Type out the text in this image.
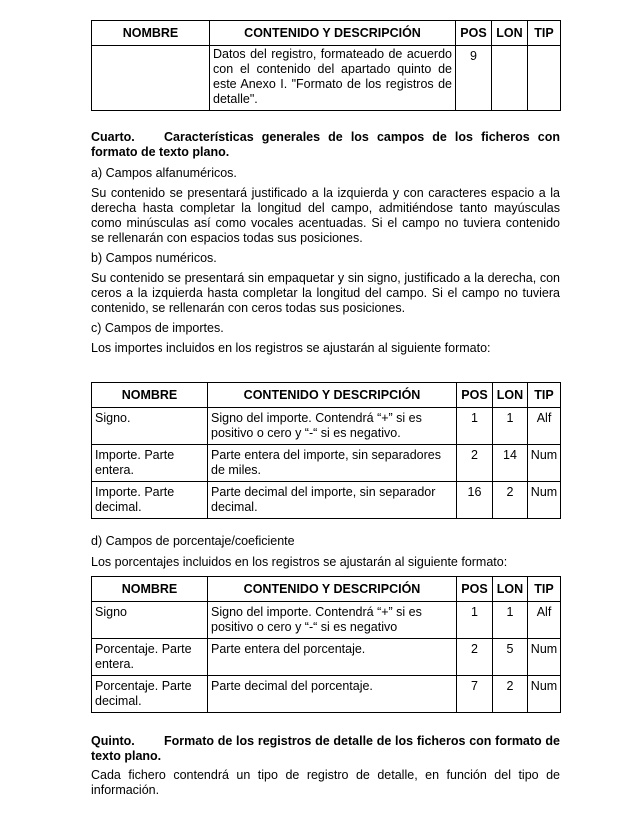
NOMBRE	CONTENIDO Y DESCRIPCIÓN	POS	LON	TIP
	Datos del registro, formateado de acuerdo con el contenido del apartado quinto de este Anexo I. "Formato de los registros de detalle".	9		

Cuarto. Características generales de los campos de los ficheros con formato de texto plano.

a) Campos alfanuméricos.

Su contenido se presentará justificado a la izquierda y con caracteres espacio a la derecha hasta completar la longitud del campo, admitiéndose tanto mayúsculas como minúsculas así como vocales acentuadas. Si el campo no tuviera contenido se rellenarán con espacios todas sus posiciones.

b) Campos numéricos.

Su contenido se presentará sin empaquetar y sin signo, justificado a la derecha, con ceros a la izquierda hasta completar la longitud del campo. Si el campo no tuviera contenido, se rellenarán con ceros todas sus posiciones.

c) Campos de importes.

Los importes incluidos en los registros se ajustarán al siguiente formato:

NOMBRE	CONTENIDO Y DESCRIPCIÓN	POS	LON	TIP
Signo.	Signo del importe. Contendrá “+” si es positivo o cero y “-“ si es negativo.	1	1	Alf
Importe. Parte entera.	Parte entera del importe, sin separadores de miles.	2	14	Num
Importe. Parte decimal.	Parte decimal del importe, sin separador decimal.	16	2	Num

d) Campos de porcentaje/coeficiente

Los porcentajes incluidos en los registros se ajustarán al siguiente formato:

NOMBRE	CONTENIDO Y DESCRIPCIÓN	POS	LON	TIP
Signo	Signo del importe. Contendrá “+” si es positivo o cero y “-“ si es negativo	1	1	Alf
Porcentaje. Parte entera.	Parte entera del porcentaje.	2	5	Num
Porcentaje. Parte decimal.	Parte decimal del porcentaje.	7	2	Num

Quinto. Formato de los registros de detalle de los ficheros con formato de texto plano.

Cada fichero contendrá un tipo de registro de detalle, en función del tipo de información.
